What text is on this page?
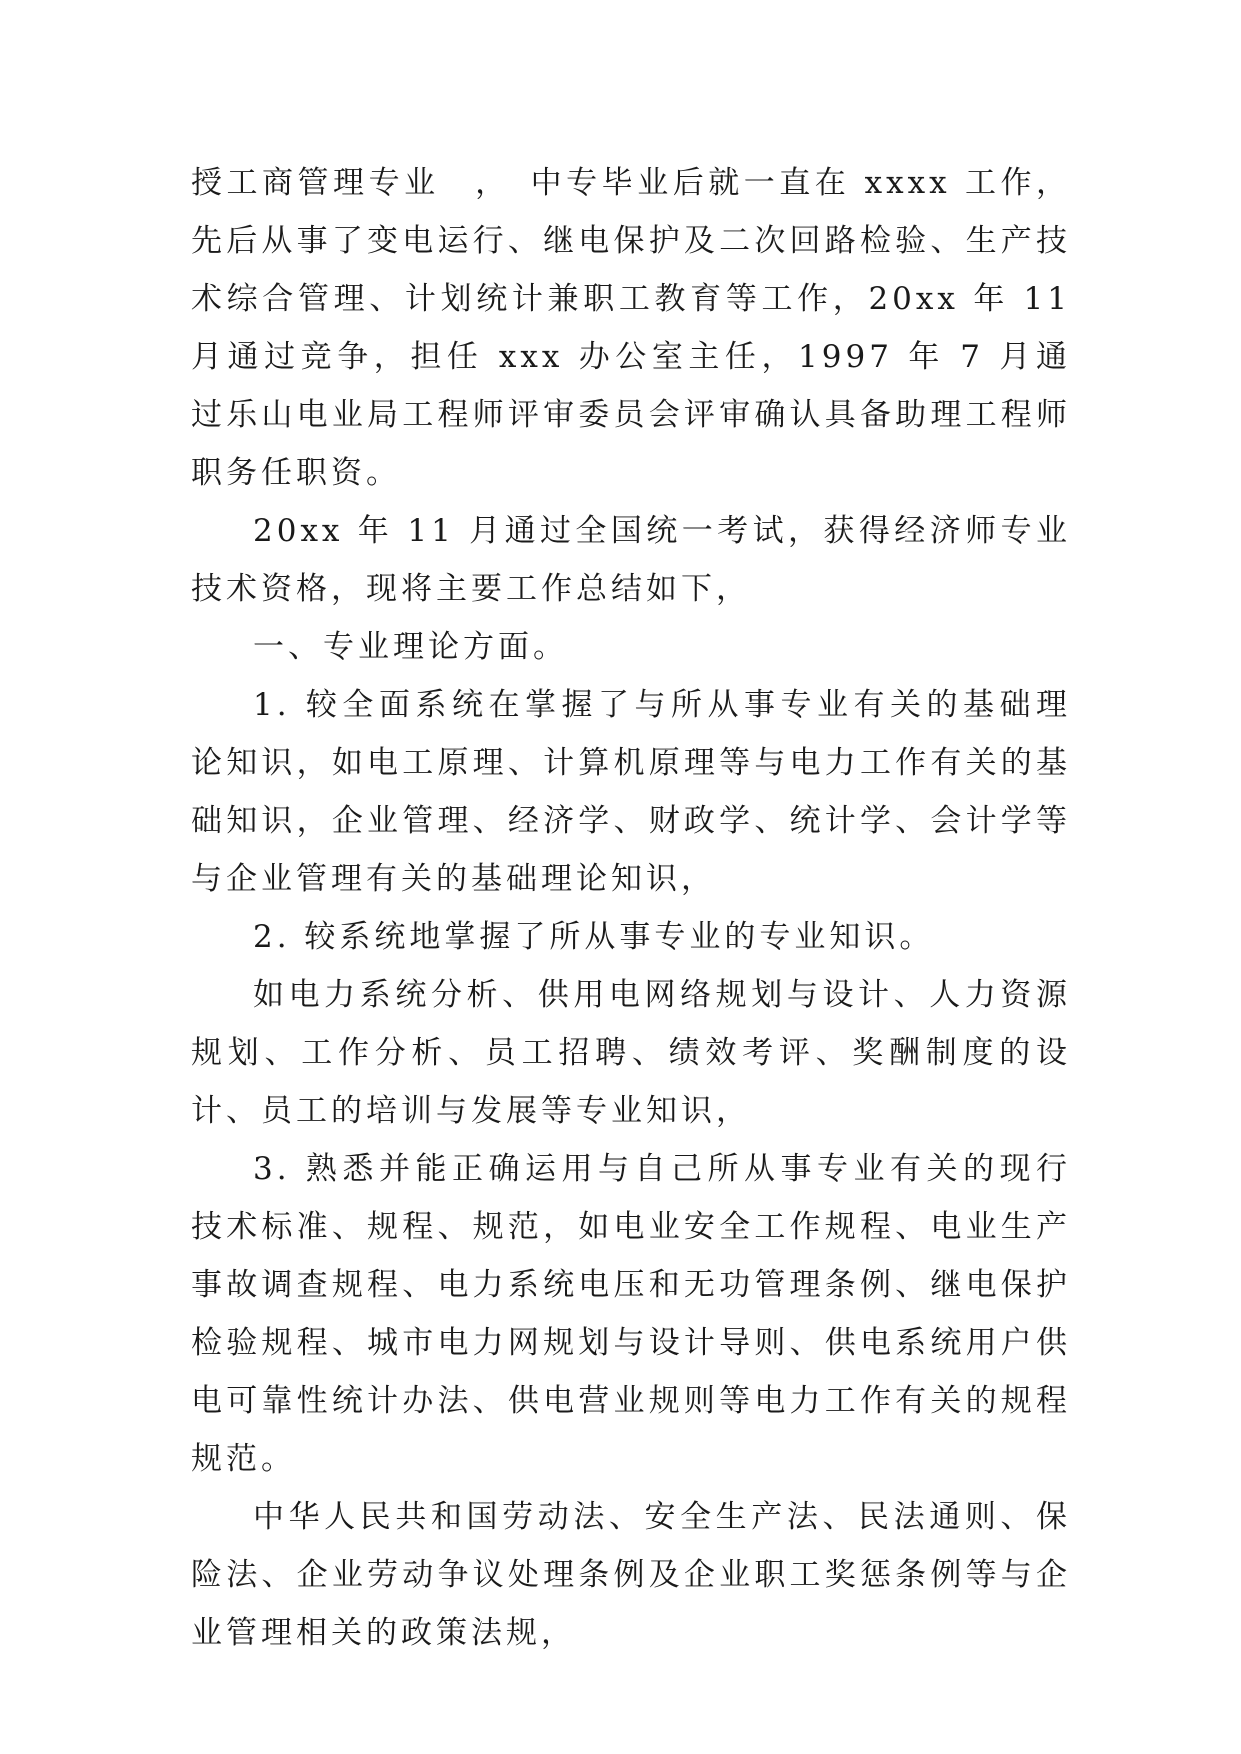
授工商管理专业　，　中专毕业后就一直在 xxxx 工作，先后从事了变电运行、继电保护及二次回路检验、生产技术综合管理、计划统计兼职工教育等工作，20xx 年 11 月通过竞争，担任 xxx 办公室主任，1997 年 7 月通过乐山电业局工程师评审委员会评审确认具备助理工程师职务任职资。

20xx 年 11 月通过全国统一考试，获得经济师专业技术资格，现将主要工作总结如下，

一、专业理论方面。

1. 较全面系统在掌握了与所从事专业有关的基础理论知识，如电工原理、计算机原理等与电力工作有关的基础知识，企业管理、经济学、财政学、统计学、会计学等与企业管理有关的基础理论知识，

2. 较系统地掌握了所从事专业的专业知识。

如电力系统分析、供用电网络规划与设计、人力资源规划、工作分析、员工招聘、绩效考评、奖酬制度的设计、员工的培训与发展等专业知识，

3. 熟悉并能正确运用与自己所从事专业有关的现行技术标准、规程、规范，如电业安全工作规程、电业生产事故调查规程、电力系统电压和无功管理条例、继电保护检验规程、城市电力网规划与设计导则、供电系统用户供电可靠性统计办法、供电营业规则等电力工作有关的规程规范。

中华人民共和国劳动法、安全生产法、民法通则、保险法、企业劳动争议处理条例及企业职工奖惩条例等与企业管理相关的政策法规，
